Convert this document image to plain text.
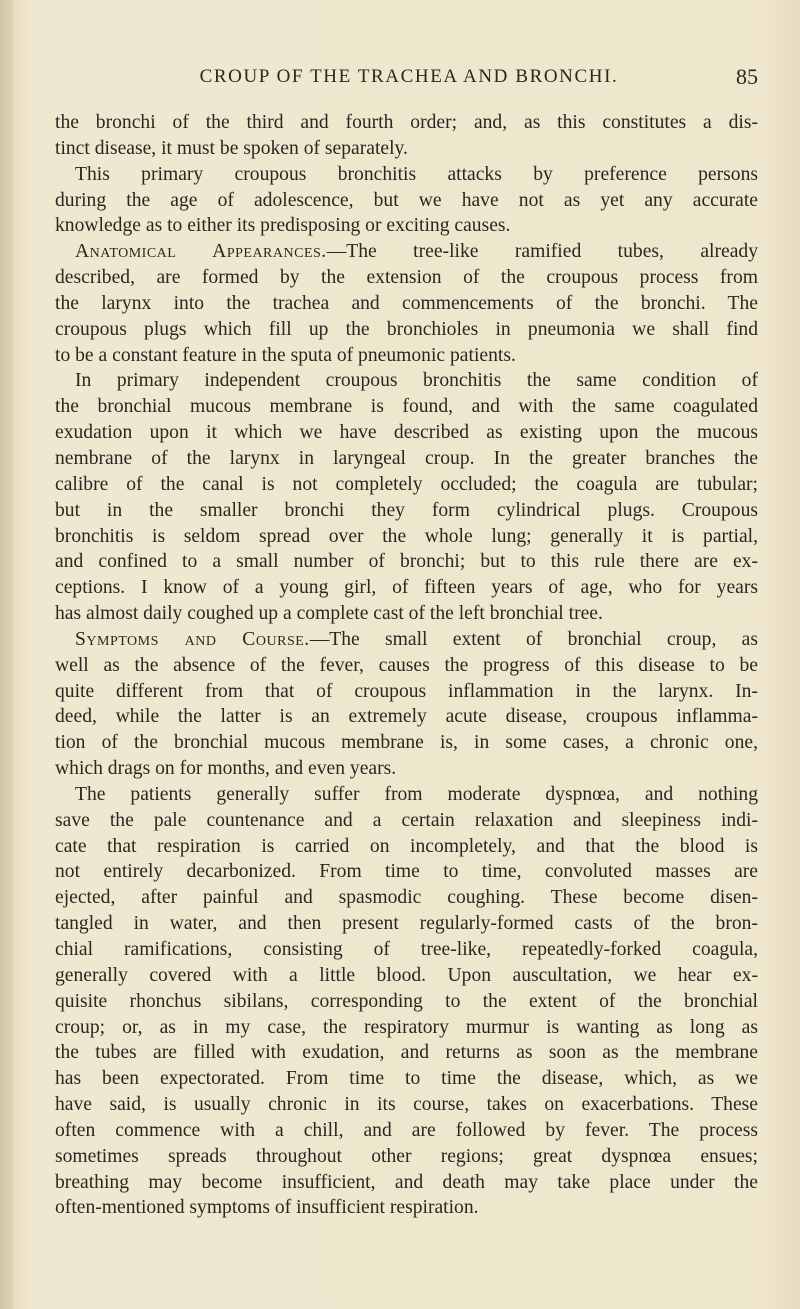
CROUP OF THE TRACHEA AND BRONCHI.	85
the bronchi of the third and fourth order; and, as this constitutes a dis-
tinct disease, it must be spoken of separately.
This primary croupous bronchitis attacks by preference persons
during the age of adolescence, but we have not as yet any accurate
knowledge as to either its predisposing or exciting causes.
Anatomical Appearances.—The tree-like ramified tubes, already
described, are formed by the extension of the croupous process from
the larynx into the trachea and commencements of the bronchi. The
croupous plugs which fill up the bronchioles in pneumonia we shall find
to be a constant feature in the sputa of pneumonic patients.
In primary independent croupous bronchitis the same condition of
the bronchial mucous membrane is found, and with the same coagulated
exudation upon it which we have described as existing upon the mucous
nembrane of the larynx in laryngeal croup. In the greater branches the
calibre of the canal is not completely occluded; the coagula are tubular;
but in the smaller bronchi they form cylindrical plugs. Croupous
bronchitis is seldom spread over the whole lung; generally it is partial,
and confined to a small number of bronchi; but to this rule there are ex-
ceptions. I know of a young girl, of fifteen years of age, who for years
has almost daily coughed up a complete cast of the left bronchial tree.
Symptoms and Course.—The small extent of bronchial croup, as
well as the absence of the fever, causes the progress of this disease to be
quite different from that of croupous inflammation in the larynx. In-
deed, while the latter is an extremely acute disease, croupous inflamma-
tion of the bronchial mucous membrane is, in some cases, a chronic one,
which drags on for months, and even years.
The patients generally suffer from moderate dyspnœa, and nothing
save the pale countenance and a certain relaxation and sleepiness indi-
cate that respiration is carried on incompletely, and that the blood is
not entirely decarbonized. From time to time, convoluted masses are
ejected, after painful and spasmodic coughing. These become disen-
tangled in water, and then present regularly-formed casts of the bron-
chial ramifications, consisting of tree-like, repeatedly-forked coagula,
generally covered with a little blood. Upon auscultation, we hear ex-
quisite rhonchus sibilans, corresponding to the extent of the bronchial
croup; or, as in my case, the respiratory murmur is wanting as long as
the tubes are filled with exudation, and returns as soon as the membrane
has been expectorated. From time to time the disease, which, as we
have said, is usually chronic in its course, takes on exacerbations. These
often commence with a chill, and are followed by fever. The process
sometimes spreads throughout other regions; great dyspnœa ensues;
breathing may become insufficient, and death may take place under the
often-mentioned symptoms of insufficient respiration.
